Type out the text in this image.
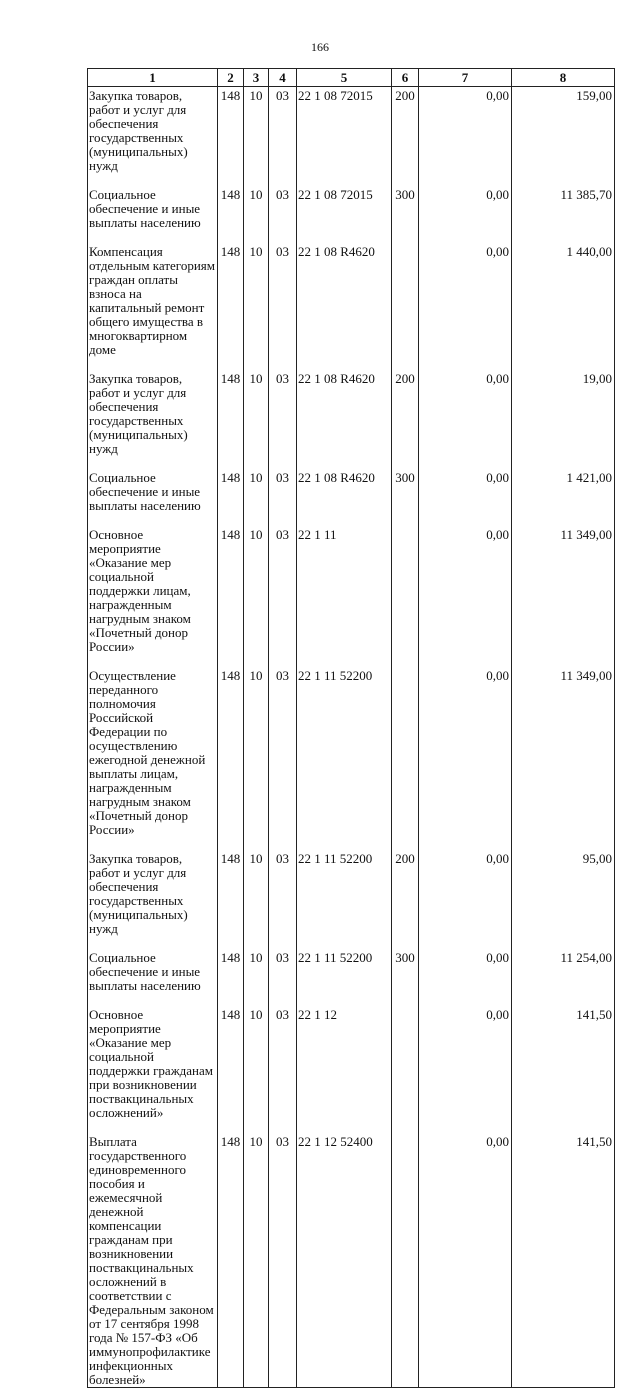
166
1	2	3	4	5	6	7	8
Закупка товаров, работ и услуг для обеспечения государственных (муниципальных) нужд	148	10	03	22 1 08 72015	200	0,00	159,00

Социальное обеспечение и иные выплаты населению	148	10	03	22 1 08 72015	300	0,00	11 385,70

Компенсация отдельным категориям граждан оплаты взноса на капитальный ремонт общего имущества в многоквартирном доме	148	10	03	22 1 08 R4620		0,00	1 440,00

Закупка товаров, работ и услуг для обеспечения государственных (муниципальных) нужд	148	10	03	22 1 08 R4620	200	0,00	19,00

Социальное обеспечение и иные выплаты населению	148	10	03	22 1 08 R4620	300	0,00	1 421,00

Основное мероприятие «Оказание мер социальной поддержки лицам, награжденным нагрудным знаком «Почетный донор России»	148	10	03	22 1 11		0,00	11 349,00

Осуществление переданного полномочия Российской Федерации по осуществлению ежегодной денежной выплаты лицам, награжденным нагрудным знаком «Почетный донор России»	148	10	03	22 1 11 52200		0,00	11 349,00

Закупка товаров, работ и услуг для обеспечения государственных (муниципальных) нужд	148	10	03	22 1 11 52200	200	0,00	95,00

Социальное обеспечение и иные выплаты населению	148	10	03	22 1 11 52200	300	0,00	11 254,00

Основное мероприятие «Оказание мер социальной поддержки гражданам при возникновении поствакцинальных осложнений»	148	10	03	22 1 12		0,00	141,50

Выплата государственного единовременного пособия и ежемесячной денежной компенсации гражданам при возникновении поствакцинальных осложнений в соответствии с Федеральным законом от 17 сентября 1998 года № 157-ФЗ «Об иммунопрофилактике инфекционных болезней»	148	10	03	22 1 12 52400		0,00	141,50
